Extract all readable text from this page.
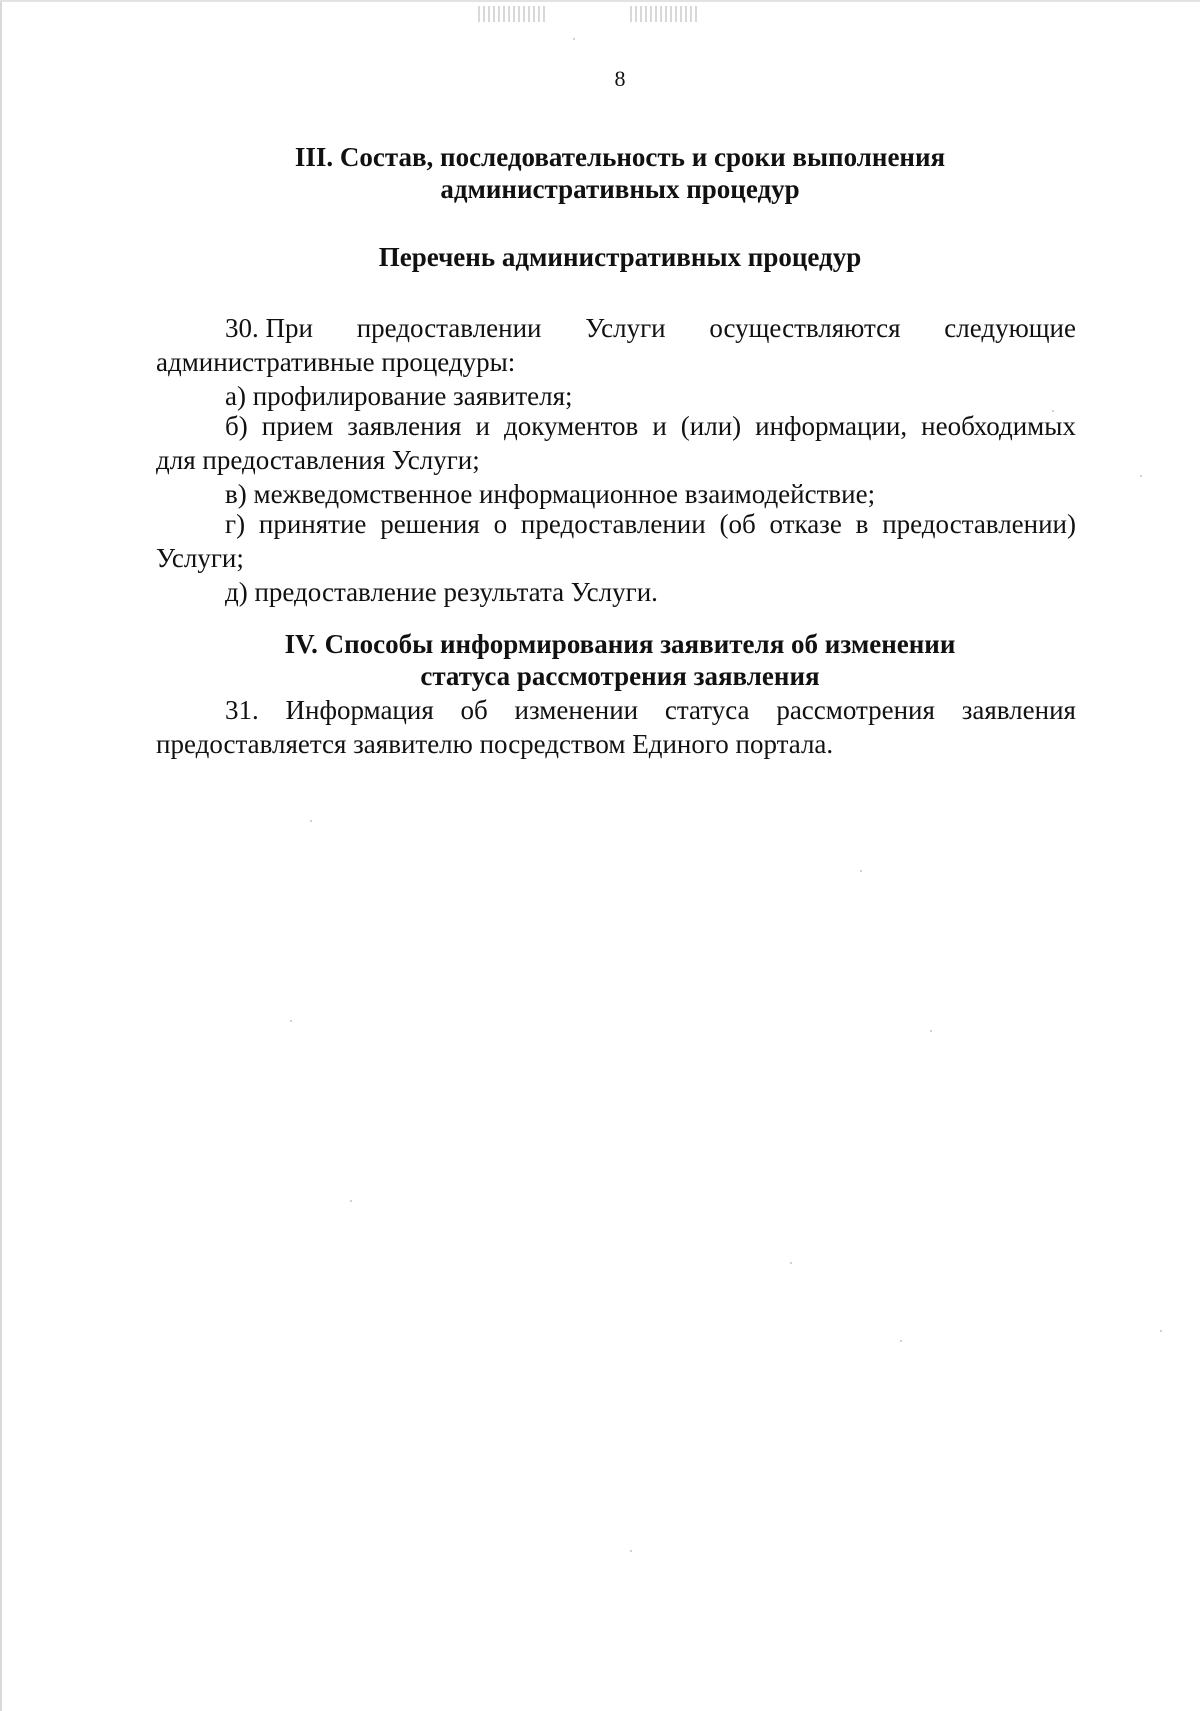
8
III. Состав, последовательность и сроки выполнения
административных процедур
Перечень административных процедур
30. При предоставлении Услуги осуществляются следующие
административные процедуры:
а) профилирование заявителя;
б) прием заявления и документов и (или) информации, необходимых
для предоставления Услуги;
в) межведомственное информационное взаимодействие;
г) принятие решения о предоставлении (об отказе в предоставлении)
Услуги;
д) предоставление результата Услуги.
IV. Способы информирования заявителя об изменении
статуса рассмотрения заявления
31. Информация об изменении статуса рассмотрения заявления
предоставляется заявителю посредством Единого портала.
